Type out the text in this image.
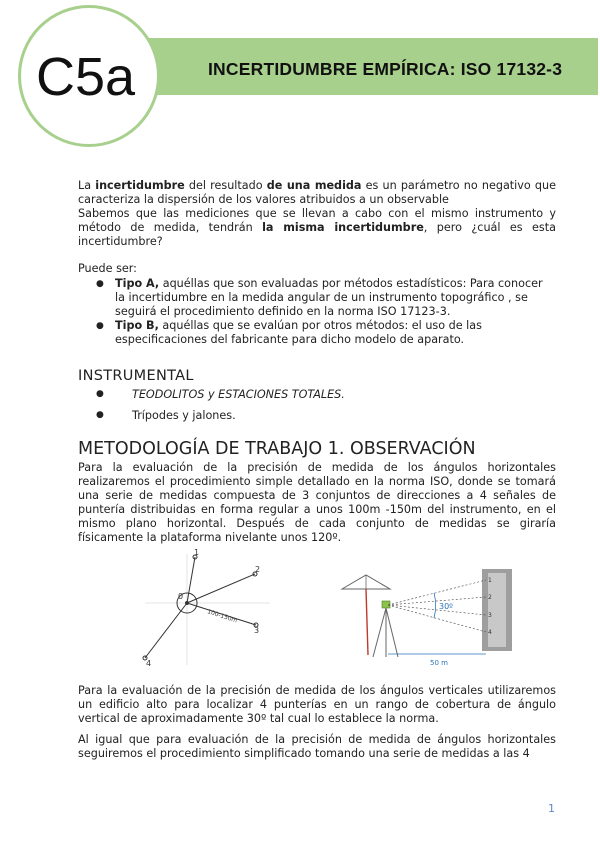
INCERTIDUMBRE EMPÍRICA: ISO 17132-3
C5a

La incertidumbre del resultado de una medida es un parámetro no negativo que caracteriza la dispersión de los valores atribuidos a un observable

Sabemos que las mediciones que se llevan a cabo con el mismo instrumento y método de medida, tendrán la misma incertidumbre, pero ¿cuál es esta incertidumbre?

Puede ser:

● Tipo A, aquéllas que son evaluadas por métodos estadísticos: Para conocer la incertidumbre en la medida angular de un instrumento topográfico , se seguirá el procedimiento definido en la norma ISO 17123-3.

● Tipo B, aquéllas que se evalúan por otros métodos: el uso de las especificaciones del fabricante para dicho modelo de aparato.

INSTRUMENTAL
●	TEODOLITOS y ESTACIONES TOTALES.
●	Trípodes y jalones.
METODOLOGÍA DE TRABAJO 1. OBSERVACIÓN

Para la evaluación de la precisión de medida de los ángulos horizontales realizaremos el procedimiento simple detallado en la norma ISO, donde se tomará una serie de medidas compuesta de 3 conjuntos de direcciones a 4 señales de puntería distribuidas en forma regular a unos 100m -150m del instrumento, en el mismo plano horizontal. Después de cada conjunto de medidas se giraría físicamente la plataforma nivelante unos 120º.

0
1
2
3
4
100-150m
30º
1
2
3
4
50 m

Para la evaluación de la precisión de medida de los ángulos verticales utilizaremos un edificio alto para localizar 4 punterías en un rango de cobertura de ángulo vertical de aproximadamente 30º tal cual lo establece la norma.

Al igual que para evaluación de la precisión de medida de ángulos horizontales seguiremos el procedimiento simplificado tomando una serie de medidas a las 4

1
